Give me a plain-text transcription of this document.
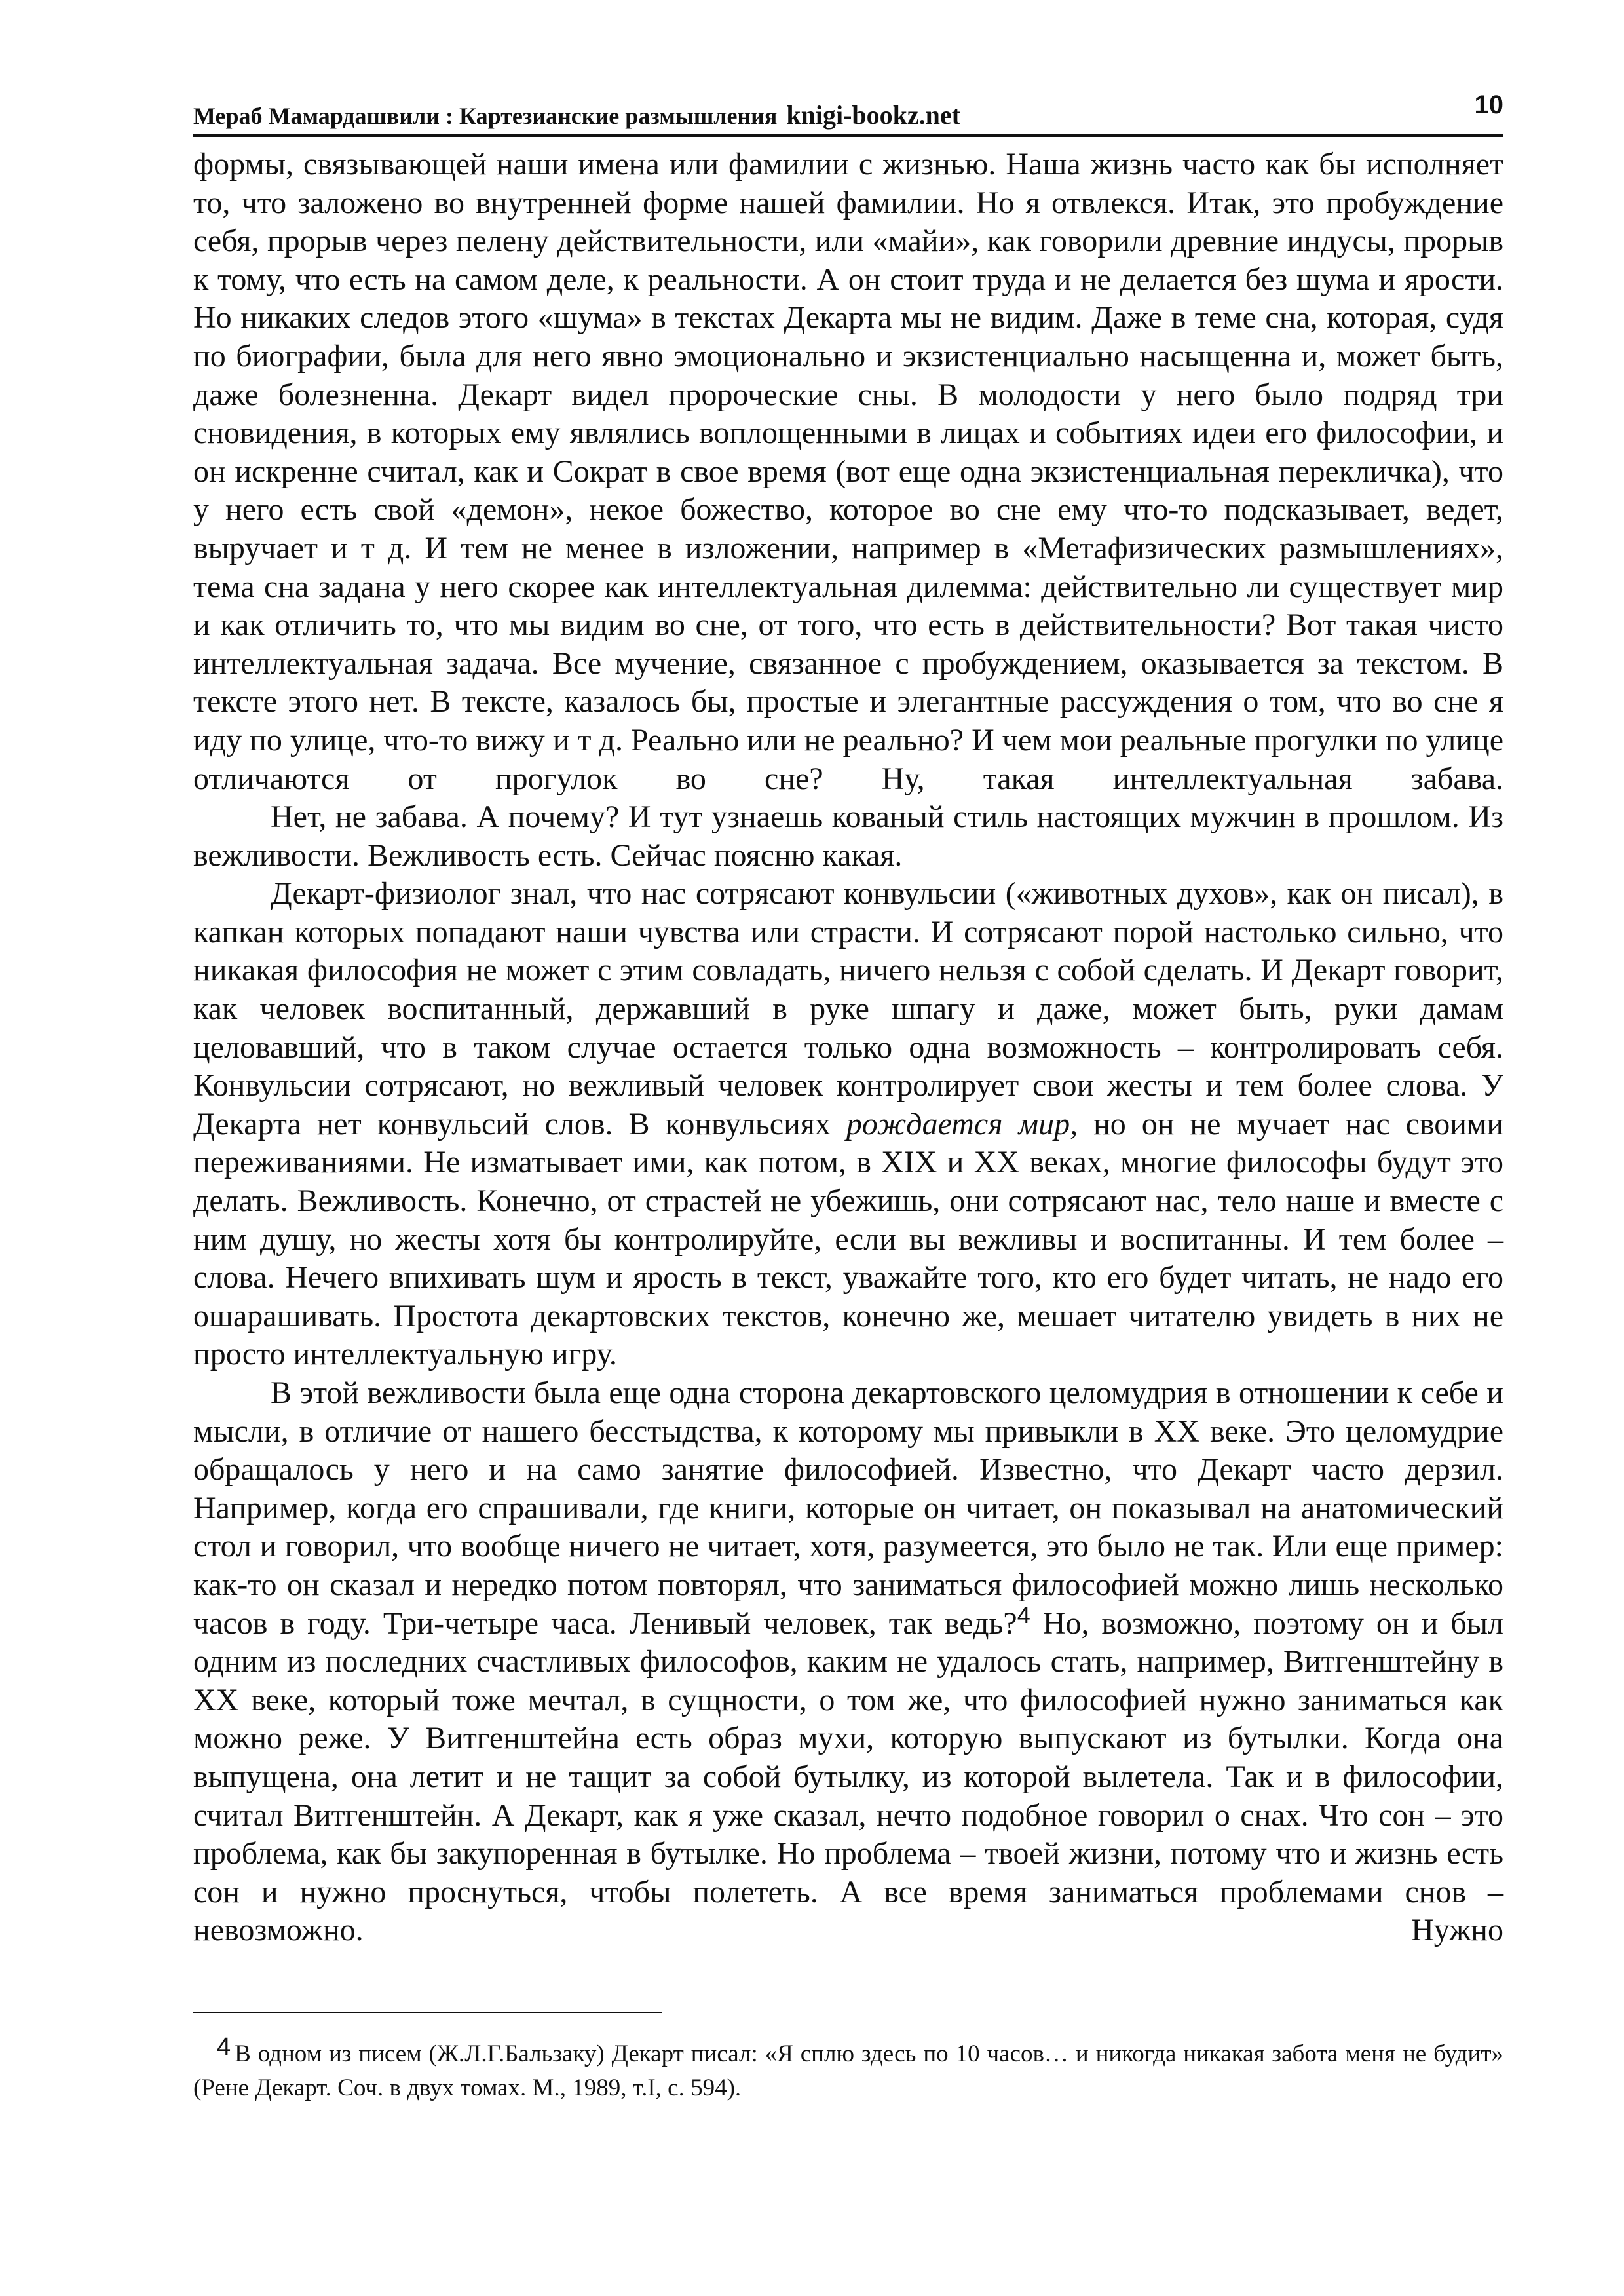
Мераб Мамардашвили : Картезианские размышления knigi-bookz.net	10

формы, связывающей наши имена или фамилии с жизнью. Наша жизнь часто как бы исполняет то, что заложено во внутренней форме нашей фамилии. Но я отвлекся. Итак, это пробуждение себя, прорыв через пелену действительности, или «майи», как говорили древние индусы, прорыв к тому, что есть на самом деле, к реальности. А он стоит труда и не делается без шума и ярости. Но никаких следов этого «шума» в текстах Декарта мы не видим. Даже в теме сна, которая, судя по биографии, была для него явно эмоционально и экзистенциально насыщенна и, может быть, даже болезненна. Декарт видел пророческие сны. В молодости у него было подряд три сновидения, в которых ему являлись воплощенными в лицах и событиях идеи его философии, и он искренне считал, как и Сократ в свое время (вот еще одна экзистенциальная перекличка), что у него есть свой «демон», некое божество, которое во сне ему что-то подсказывает, ведет, выручает и т д. И тем не менее в изложении, например в «Метафизических размышлениях», тема сна задана у него скорее как интеллектуальная дилемма: действительно ли существует мир и как отличить то, что мы видим во сне, от того, что есть в действительности? Вот такая чисто интеллектуальная задача. Все мучение, связанное с пробуждением, оказывается за текстом. В тексте этого нет. В тексте, казалось бы, простые и элегантные рассуждения о том, что во сне я иду по улице, что-то вижу и т д. Реально или не реально? И чем мои реальные прогулки по улице отличаются от прогулок во сне? Ну, такая интеллектуальная забава.

Нет, не забава. А почему? И тут узнаешь кованый стиль настоящих мужчин в прошлом. Из вежливости. Вежливость есть. Сейчас поясню какая.

Декарт-физиолог знал, что нас сотрясают конвульсии («животных духов», как он писал), в капкан которых попадают наши чувства или страсти. И сотрясают порой настолько сильно, что никакая философия не может с этим совладать, ничего нельзя с собой сделать. И Декарт говорит, как человек воспитанный, державший в руке шпагу и даже, может быть, руки дамам целовавший, что в таком случае остается только одна возможность – контролировать себя. Конвульсии сотрясают, но вежливый человек контролирует свои жесты и тем более слова. У Декарта нет конвульсий слов. В конвульсиях рождается мир, но он не мучает нас своими переживаниями. Не изматывает ими, как потом, в XIX и XX веках, многие философы будут это делать. Вежливость. Конечно, от страстей не убежишь, они сотрясают нас, тело наше и вместе с ним душу, но жесты хотя бы контролируйте, если вы вежливы и воспитанны. И тем более – слова. Нечего впихивать шум и ярость в текст, уважайте того, кто его будет читать, не надо его ошарашивать. Простота декартовских текстов, конечно же, мешает читателю увидеть в них не просто интеллектуальную игру.

В этой вежливости была еще одна сторона декартовского целомудрия в отношении к себе и мысли, в отличие от нашего бесстыдства, к которому мы привыкли в XX веке. Это целомудрие обращалось у него и на само занятие философией. Известно, что Декарт часто дерзил. Например, когда его спрашивали, где книги, которые он читает, он показывал на анатомический стол и говорил, что вообще ничего не читает, хотя, разумеется, это было не так. Или еще пример: как-то он сказал и нередко потом повторял, что заниматься философией можно лишь несколько часов в году. Три-четыре часа. Ленивый человек, так ведь?$^4$ Но, возможно, поэтому он и был одним из последних счастливых философов, каким не удалось стать, например, Витгенштейну в XX веке, который тоже мечтал, в сущности, о том же, что философией нужно заниматься как можно реже. У Витгенштейна есть образ мухи, которую выпускают из бутылки. Когда она выпущена, она летит и не тащит за собой бутылку, из которой вылетела. Так и в философии, считал Витгенштейн. А Декарт, как я уже сказал, нечто подобное говорил о снах. Что сон – это проблема, как бы закупоренная в бутылке. Но проблема – твоей жизни, потому что и жизнь есть сон и нужно проснуться, чтобы полететь. А все время заниматься проблемами снов – невозможно. Нужно

4 В одном из писем (Ж.Л.Г.Бальзаку) Декарт писал: «Я сплю здесь по 10 часов… и никогда никакая забота меня не будит» (Рене Декарт. Соч. в двух томах. М., 1989, т.I, с. 594).
